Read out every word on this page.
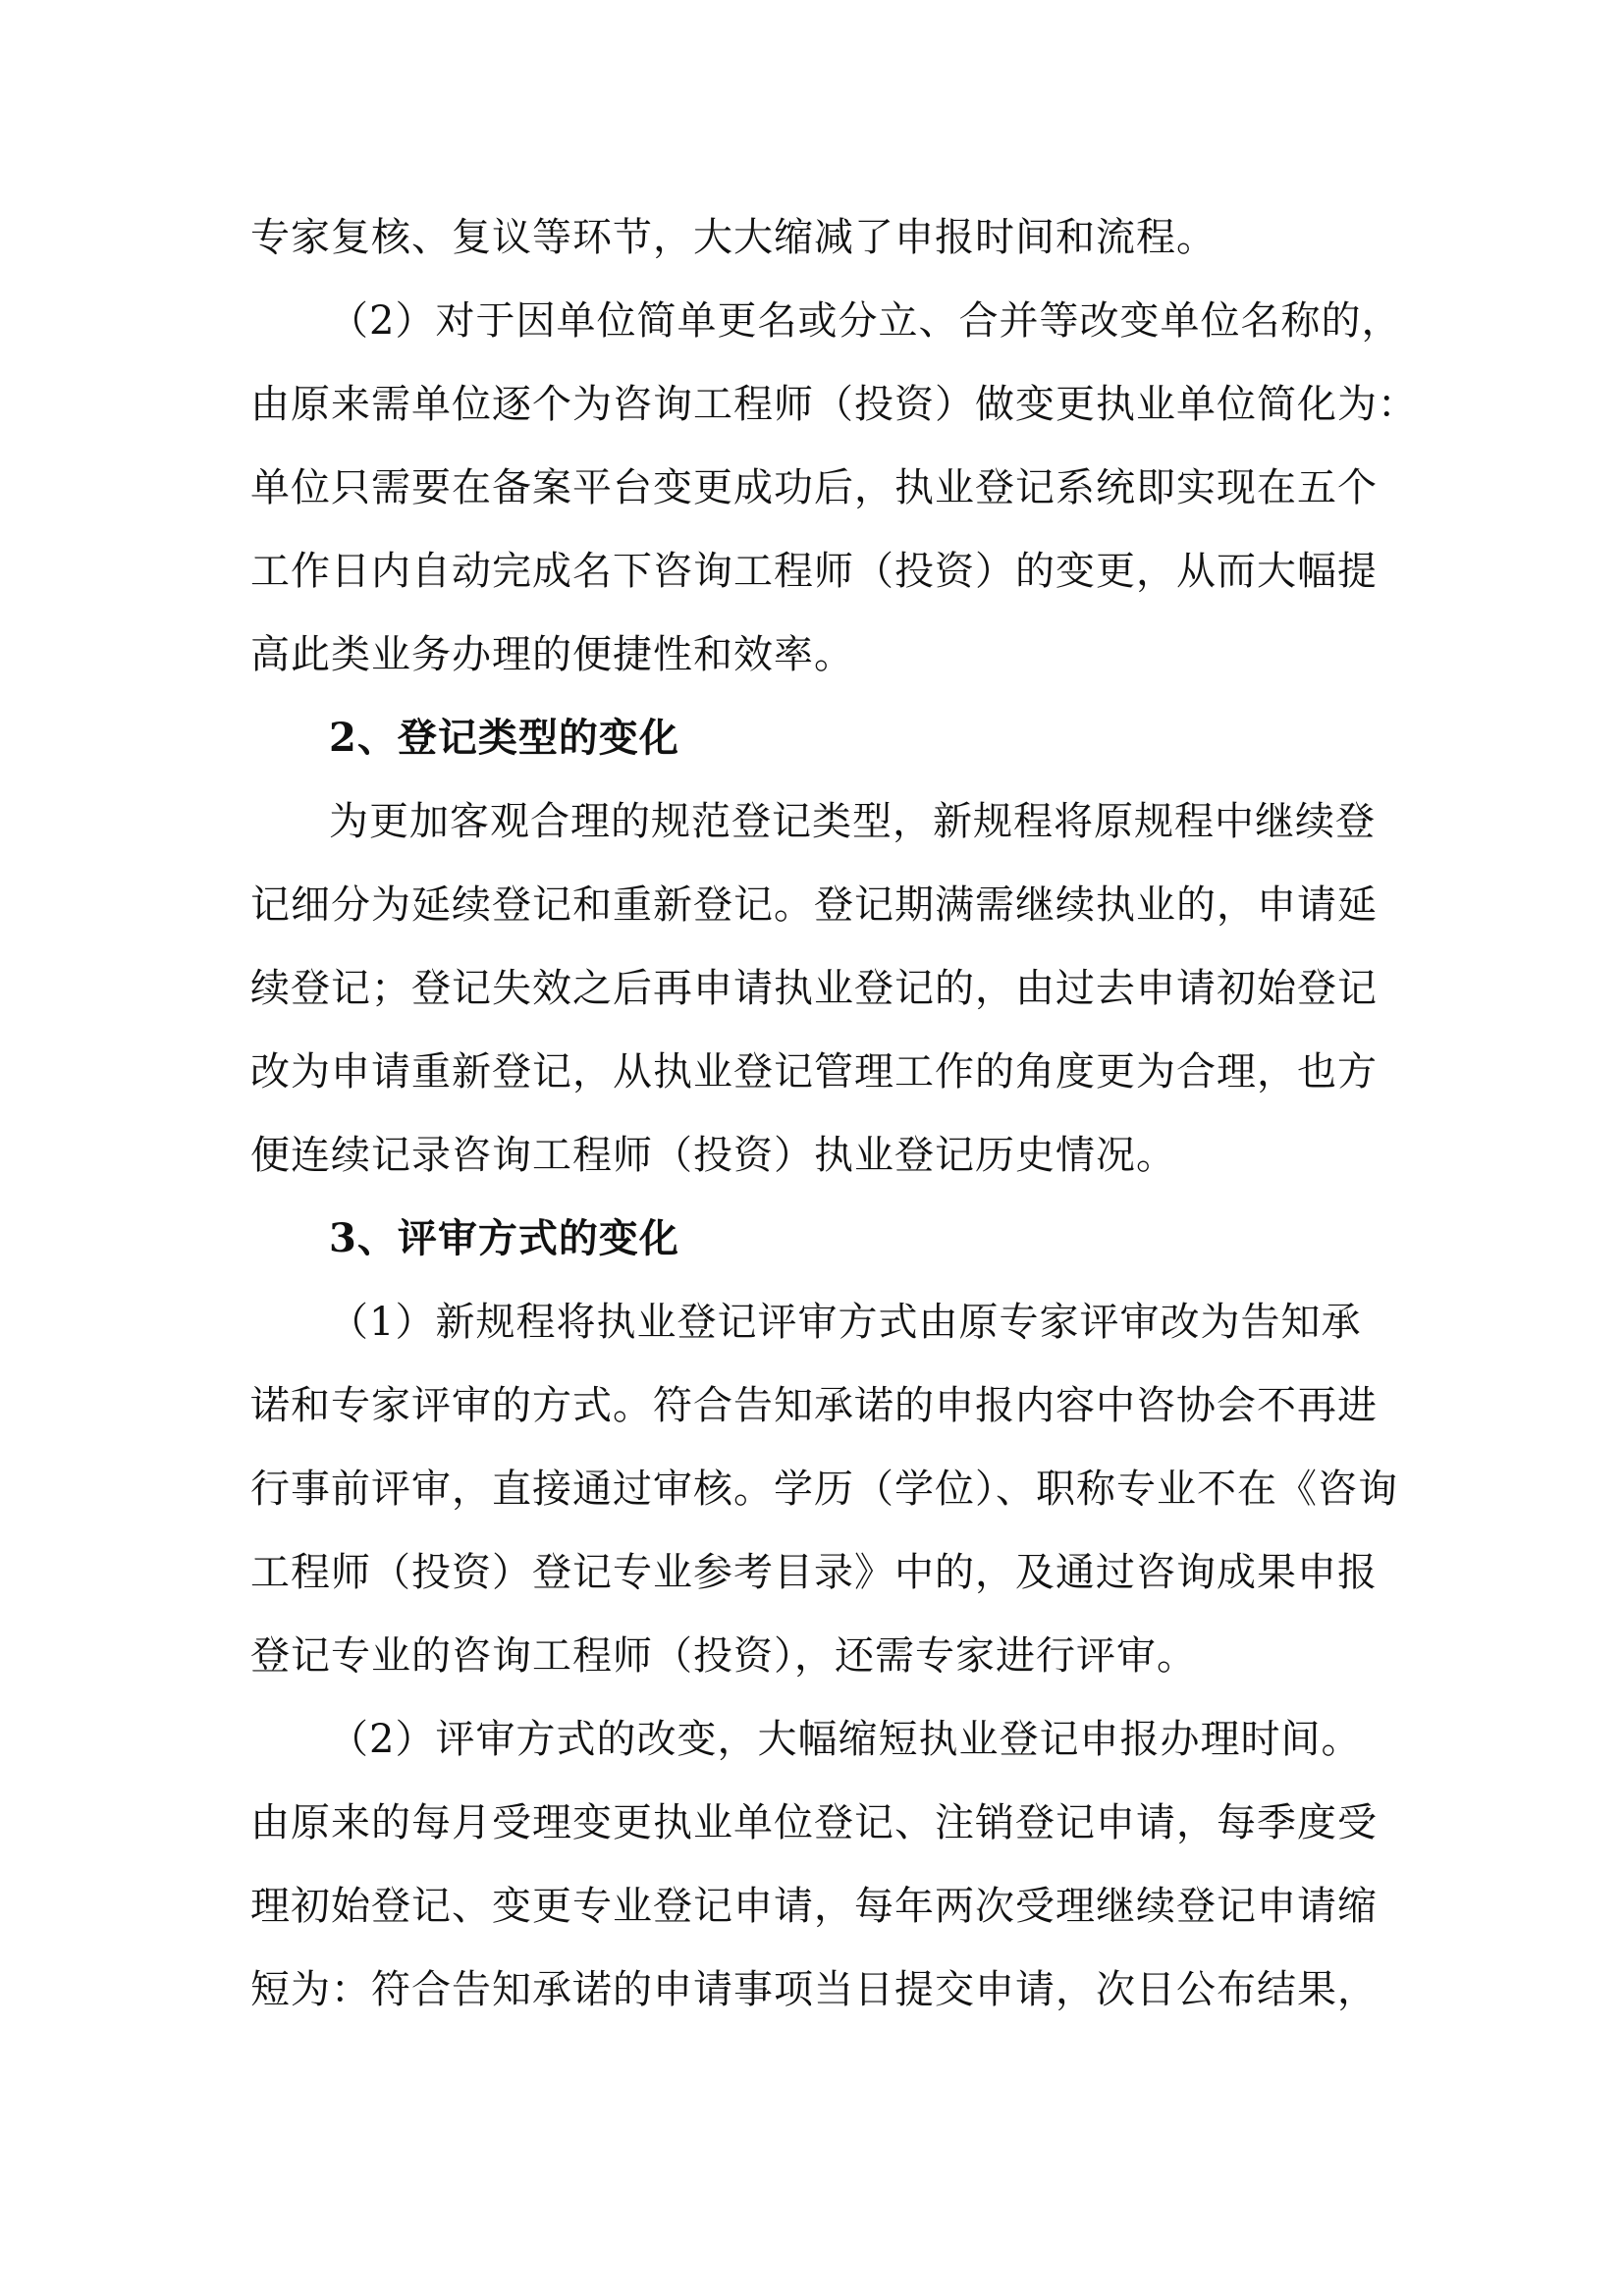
专家复核、复议等环节，大大缩减了申报时间和流程。
（2）对于因单位简单更名或分立、合并等改变单位名称的，
由原来需单位逐个为咨询工程师（投资）做变更执业单位简化为：
单位只需要在备案平台变更成功后，执业登记系统即实现在五个
工作日内自动完成名下咨询工程师（投资）的变更，从而大幅提
高此类业务办理的便捷性和效率。
2、登记类型的变化
为更加客观合理的规范登记类型，新规程将原规程中继续登
记细分为延续登记和重新登记。登记期满需继续执业的，申请延
续登记；登记失效之后再申请执业登记的，由过去申请初始登记
改为申请重新登记，从执业登记管理工作的角度更为合理，也方
便连续记录咨询工程师（投资）执业登记历史情况。
3、评审方式的变化
（1）新规程将执业登记评审方式由原专家评审改为告知承
诺和专家评审的方式。符合告知承诺的申报内容中咨协会不再进
行事前评审，直接通过审核。学历（学位）、职称专业不在《咨询
工程师（投资）登记专业参考目录》中的，及通过咨询成果申报
登记专业的咨询工程师（投资），还需专家进行评审。
（2）评审方式的改变，大幅缩短执业登记申报办理时间。
由原来的每月受理变更执业单位登记、注销登记申请，每季度受
理初始登记、变更专业登记申请，每年两次受理继续登记申请缩
短为：符合告知承诺的申请事项当日提交申请，次日公布结果，
